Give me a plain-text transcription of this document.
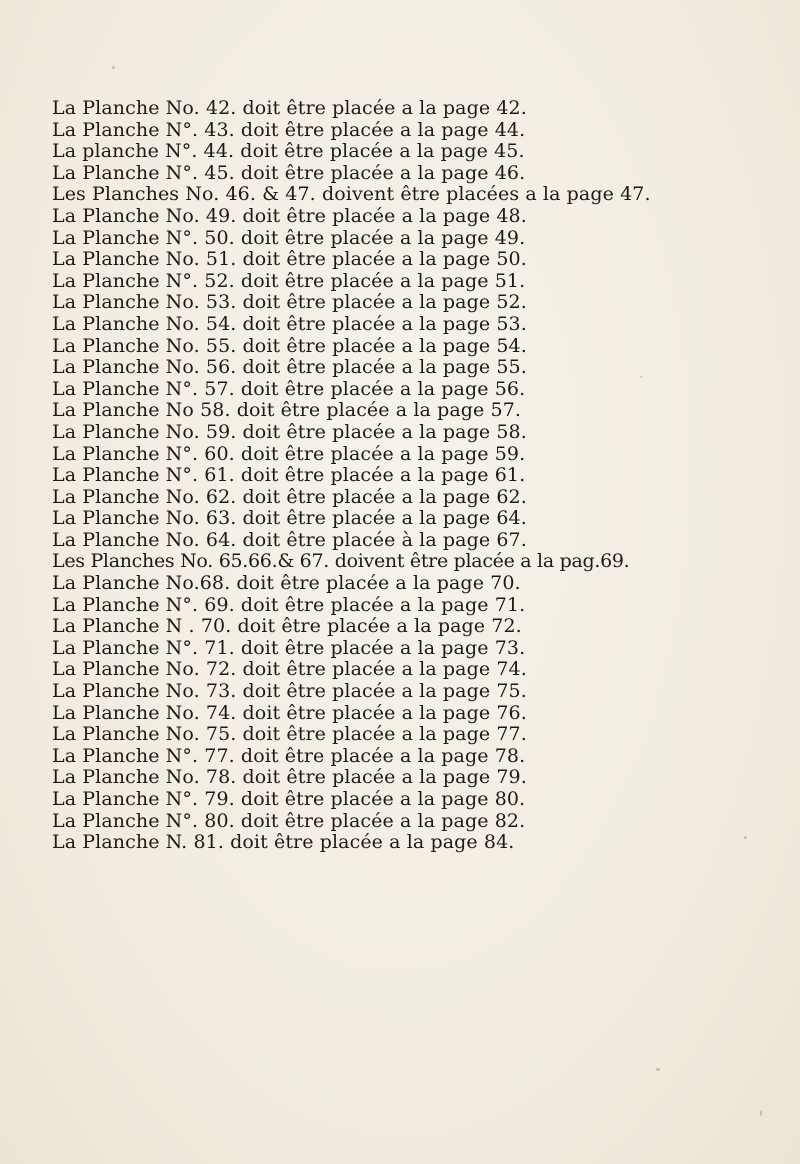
La Planche No. 42. doit être placée a la page 42.
La Planche N°. 43. doit être placée a la page 44.
La planche N°. 44. doit être placée a la page 45.
La Planche N°. 45. doit être placée a la page 46.
Les Planches No. 46. & 47. doivent être placées a la page 47.
La Planche No. 49. doit être placée a la page 48.
La Planche N°. 50. doit être placée a la page 49.
La Planche No. 51. doit être placée a la page 50.
La Planche N°. 52. doit être placée a la page 51.
La Planche No. 53. doit être placée a la page 52.
La Planche No. 54. doit être placée a la page 53.
La Planche No. 55. doit être placée a la page 54.
La Planche No. 56. doit être placée a la page 55.
La Planche N°. 57. doit être placée a la page 56.
La Planche No 58. doit être placée a la page 57.
La Planche No. 59. doit être placée a la page 58.
La Planche N°. 60. doit être placée a la page 59.
La Planche N°. 61. doit être placée a la page 61.
La Planche No. 62. doit être placée a la page 62.
La Planche No. 63. doit être placée a la page 64.
La Planche No. 64. doit être placée à la page 67.
Les Planches No. 65.66.& 67. doivent être placée a la pag.69.
La Planche No.68. doit être placée a la page 70.
La Planche N°. 69. doit être placée a la page 71.
La Planche N . 70. doit être placée a la page 72.
La Planche N°. 71. doit être placée a la page 73.
La Planche No. 72. doit être placée a la page 74.
La Planche No. 73. doit être placée a la page 75.
La Planche No. 74. doit être placée a la page 76.
La Planche No. 75. doit être placée a la page 77.
La Planche N°. 77. doit être placée a la page 78.
La Planche No. 78. doit être placée a la page 79.
La Planche N°. 79. doit être placée a la page 80.
La Planche N°. 80. doit être placée a la page 82.
La Planche N. 81. doit être placée a la page 84.
